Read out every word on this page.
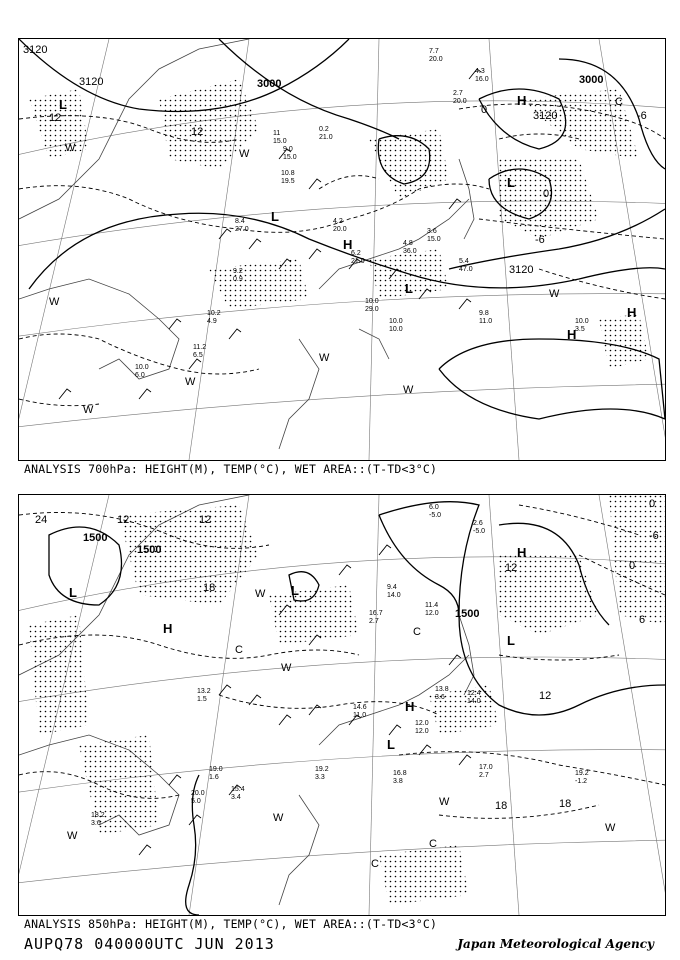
3120
3120	3000	3000
3120
3120
L
L
L
L
H
H
H
H
12
12
0
0
-6
-6
C
W	W
W
W
W
W
W
W
7.7
20.0
2.7
20.0
4.3
16.0
0.2
21.0
9.0
15.0
11
15.0
3.6
15.0
4.8
36.0
6.2
21.0
4.2
20.0
10.0
29.0
9.8
11.0	10.0
3.5
10.0
10.0
8.4
27.0
10.8
19.5
9.2
0.9
10.2
4.9
11.2
6.5
10.0
6.0
5.4
47.0
ANALYSIS 700hPa: HEIGHT(M), TEMP(°C), WET AREA::(T-TD<3°C)
1500
1500
1500
L	L
L
L
H
H
H
24	12
12
18
18	18
12
12
6
0
0
-6
C
C
C
C
W
W
W
W
W
W
6.0
-5.0
2.6
-5.0
9.4
14.0
16.7
2.7
11.4
12.0
12.4
14.0
12.0
12.0
14.6
11.0
19.2
3.3
16.8
3.8
17.0
2.7
19.0
1.6
15.4
3.4
19.2
-1.2
18.2
3.6
20.0
5.0
13.2
1.5
13.8
3.6
ANALYSIS 850hPa: HEIGHT(M), TEMP(°C), WET AREA::(T-TD<3°C)
AUPQ78 040000UTC JUN 2013	Japan Meteorological Agency
